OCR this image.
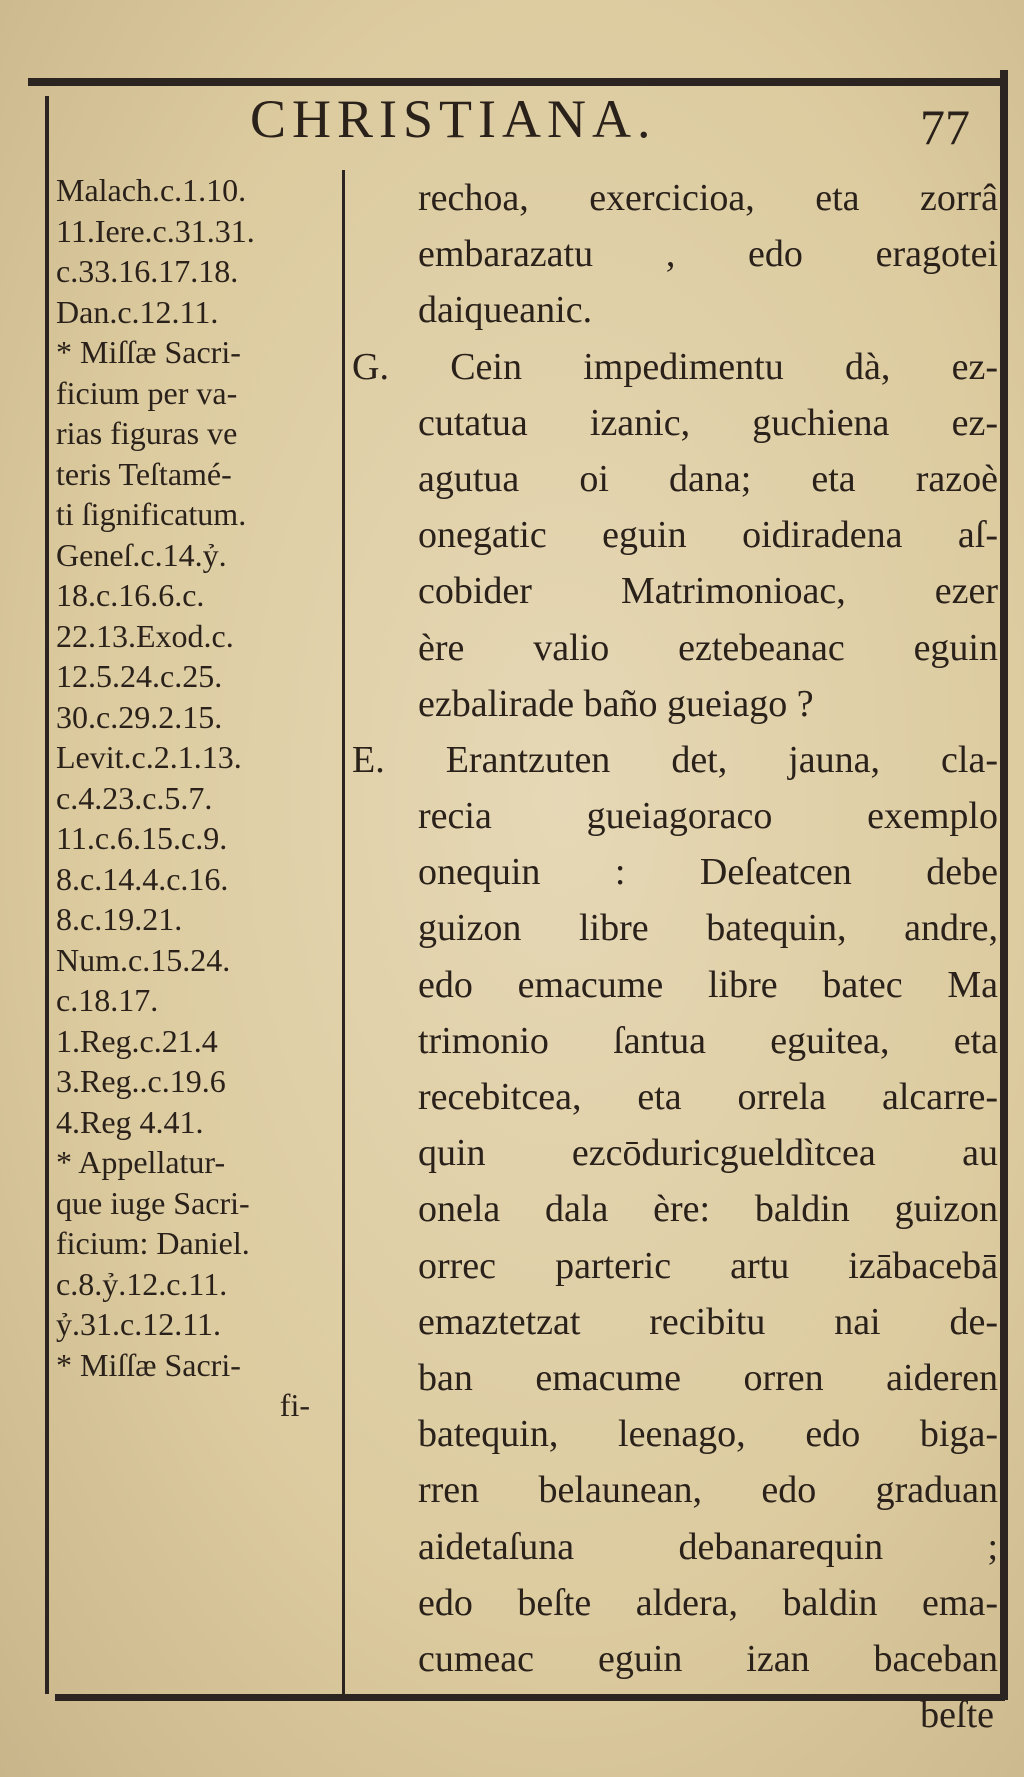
CHRISTIANA.	77
Malach.c.1.10.
11.Iere.c.31.31.
c.33.16.17.18.
Dan.c.12.11.
* Miſſæ Sacri-
ficium per va-
rias figuras ve
teris Teſtamé-
ti ſignificatum.
Geneſ.c.14.ỷ.
18.c.16.6.c.
22.13.Exod.c.
12.5.24.c.25.
30.c.29.2.15.
Levit.c.2.1.13.
c.4.23.c.5.7.
11.c.6.15.c.9.
8.c.14.4.c.16.
8.c.19.21.
Num.c.15.24.
c.18.17.
1.Reg.c.21.4
3.Reg..c.19.6
4.Reg 4.41.
* Appellatur-
que iuge Sacri-
ficium: Daniel.
c.8.ỷ.12.c.11.
ỷ.31.c.12.11.
* Miſſæ Sacri-
fi-
rechoa, exercicioa, eta zorrâ
embarazatu , edo eragotei
daiqueanic.
G. Cein impedimentu dà, ez-
cutatua izanic, guchiena ez-
agutua oi dana; eta razoè
onegatic eguin oidiradena aſ-
cobider Matrimonioac, ezer
ère valio eztebeanac eguin
ezbalirade baño gueiago ?
E. Erantzuten det, jauna, cla-
recia gueiagoraco exemplo
onequin : Deſeatcen debe
guizon libre batequin, andre,
edo emacume libre batec Ma
trimonio ſantua eguitea, eta
recebitcea, eta orrela alcarre-
quin ezcōduricgueldìtcea au
onela dala ère: baldin guizon
orrec parteric artu izābacebā
emaztetzat recibitu nai de-
ban emacume orren aideren
batequin, leenago, edo biga-
rren belaunean, edo graduan
aidetaſuna debanarequin ;
edo beſte aldera, baldin ema-
cumeac eguin izan baceban
beſte
